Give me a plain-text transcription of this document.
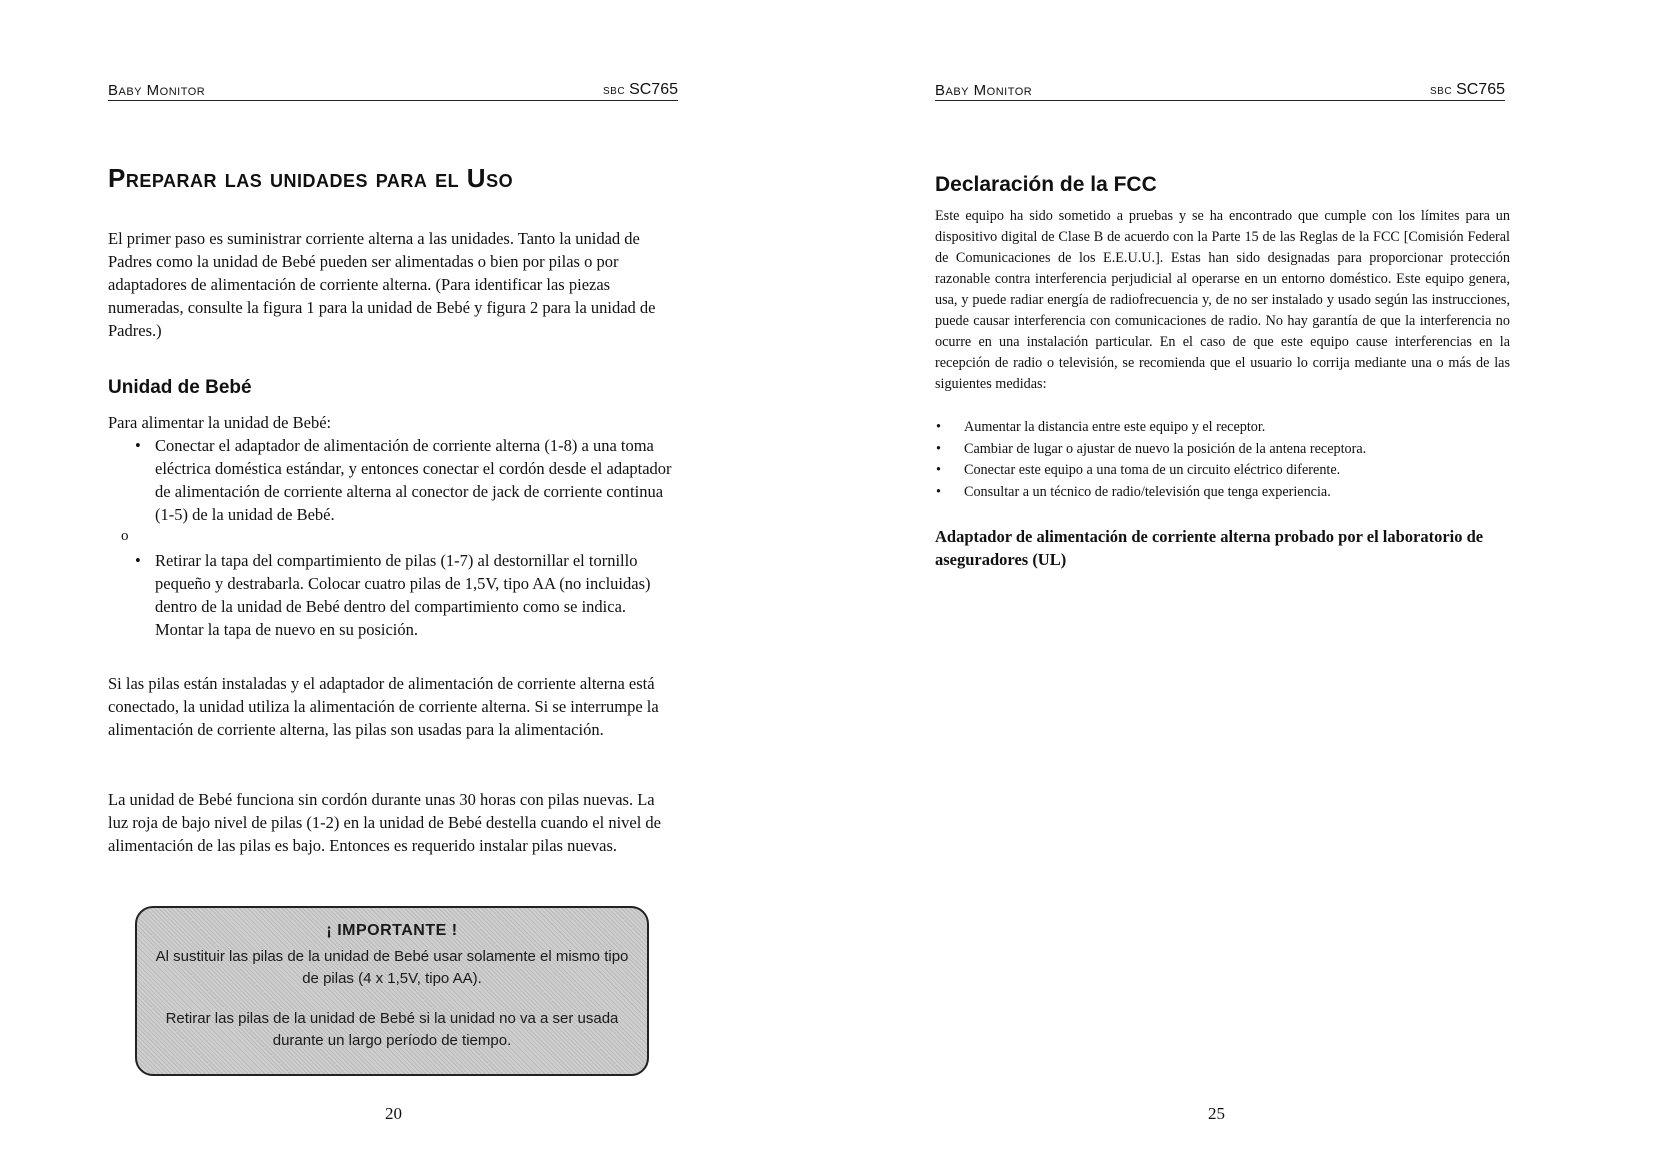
Baby Monitor	SBC SC765
Preparar las unidades para el Uso

El primer paso es suministrar corriente alterna a las unidades. Tanto la unidad de Padres como la unidad de Bebé pueden ser alimentadas o bien por pilas o por adaptadores de alimentación de corriente alterna. (Para identificar las piezas numeradas, consulte la figura 1 para la unidad de Bebé y figura 2 para la unidad de Padres.)

Unidad de Bebé

Para alimentar la unidad de Bebé:

• Conectar el adaptador de alimentación de corriente alterna (1-8) a una toma eléctrica doméstica estándar, y entonces conectar el cordón desde el adaptador de alimentación de corriente alterna al conector de jack de corriente continua (1-5) de la unidad de Bebé.
o
• Retirar la tapa del compartimiento de pilas (1-7) al destornillar el tornillo pequeño y destrabarla. Colocar cuatro pilas de 1,5V, tipo AA (no incluidas) dentro de la unidad de Bebé dentro del compartimiento como se indica. Montar la tapa de nuevo en su posición.

Si las pilas están instaladas y el adaptador de alimentación de corriente alterna está conectado, la unidad utiliza la alimentación de corriente alterna. Si se interrumpe la alimentación de corriente alterna, las pilas son usadas para la alimentación.

La unidad de Bebé funciona sin cordón durante unas 30 horas con pilas nuevas. La luz roja de bajo nivel de pilas (1-2) en la unidad de Bebé destella cuando el nivel de alimentación de las pilas es bajo. Entonces es requerido instalar pilas nuevas.

¡ IMPORTANTE !

Al sustituir las pilas de la unidad de Bebé usar solamente el mismo tipo de pilas (4 x 1,5V, tipo AA).

Retirar las pilas de la unidad de Bebé si la unidad no va a ser usada durante un largo período de tiempo.

20
Baby Monitor	SBC SC765
Declaración de la FCC

Este equipo ha sido sometido a pruebas y se ha encontrado que cumple con los límites para un dispositivo digital de Clase B de acuerdo con la Parte 15 de las Reglas de la FCC [Comisión Federal de Comunicaciones de los E.E.U.U.]. Estas han sido designadas para proporcionar protección razonable contra interferencia perjudicial al operarse en un entorno doméstico. Este equipo genera, usa, y puede radiar energía de radiofrecuencia y, de no ser instalado y usado según las instrucciones, puede causar interferencia con comunicaciones de radio. No hay garantía de que la interferencia no ocurre en una instalación particular. En el caso de que este equipo cause interferencias en la recepción de radio o televisión, se recomienda que el usuario lo corrija mediante una o más de las siguientes medidas:

• Aumentar la distancia entre este equipo y el receptor.
• Cambiar de lugar o ajustar de nuevo la posición de la antena receptora.
• Conectar este equipo a una toma de un circuito eléctrico diferente.
• Consultar a un técnico de radio/televisión que tenga experiencia.

Adaptador de alimentación de corriente alterna probado por el laboratorio de aseguradores (UL)

25
